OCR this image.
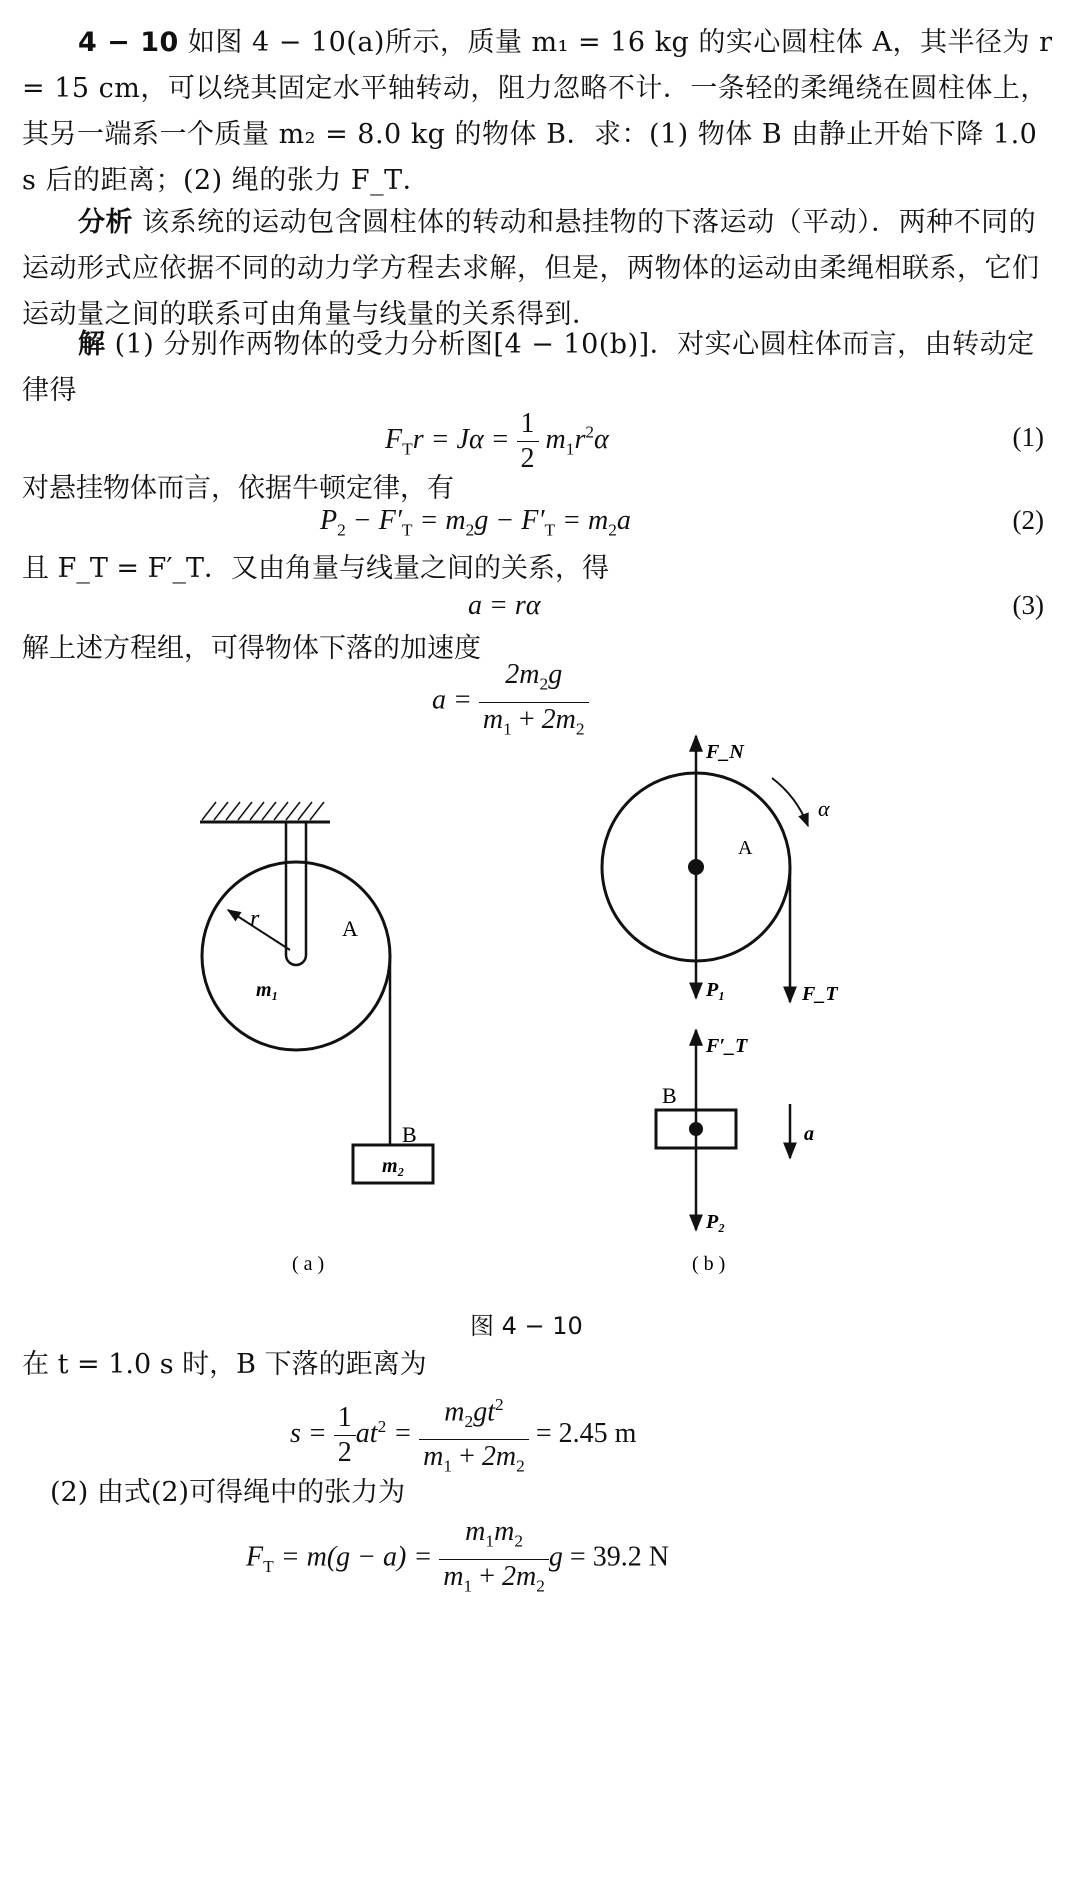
4 − 10 如图 4 − 10(a)所示，质量 m₁ = 16 kg 的实心圆柱体 A，其半径为 r = 15 cm，可以绕其固定水平轴转动，阻力忽略不计．一条轻的柔绳绕在圆柱体上，其另一端系一个质量 m₂ = 8.0 kg 的物体 B．求：(1) 物体 B 由静止开始下降 1.0 s 后的距离；(2) 绳的张力 F_T．
分析 该系统的运动包含圆柱体的转动和悬挂物的下落运动（平动）．两种不同的运动形式应依据不同的动力学方程去求解，但是，两物体的运动由柔绳相联系，它们运动量之间的联系可由角量与线量的关系得到．
解 (1) 分别作两物体的受力分析图[4 − 10(b)]．对实心圆柱体而言，由转动定律得
$F_Tr = J\alpha = \frac{1}{2} m_1r^2\alpha$	(1)
对悬挂物体而言，依据牛顿定律，有
$P_2 - F'_T = m_2g - F'_T = m_2a$	(2)
且 F_T = F′_T．又由角量与线量之间的关系，得
a = rα	(3)
解上述方程组，可得物体下落的加速度
$a = \frac{2m_2g}{m_1 + 2m_2}$
r	A
m₁
B
m₂
( a )
F_N
P₁	F_T
α
A
F′_T
P₂
B
a
( b )
图 4 − 10
在 t = 1.0 s 时，B 下落的距离为
$s = \frac{1}{2} at^2 = \frac{m_2gt^2}{m_1 + 2m_2} = 2.45$ m
(2) 由式(2)可得绳中的张力为
$F_T = m(g - a) = \frac{m_1m_2}{m_1 + 2m_2}$ g = 39.2 N
